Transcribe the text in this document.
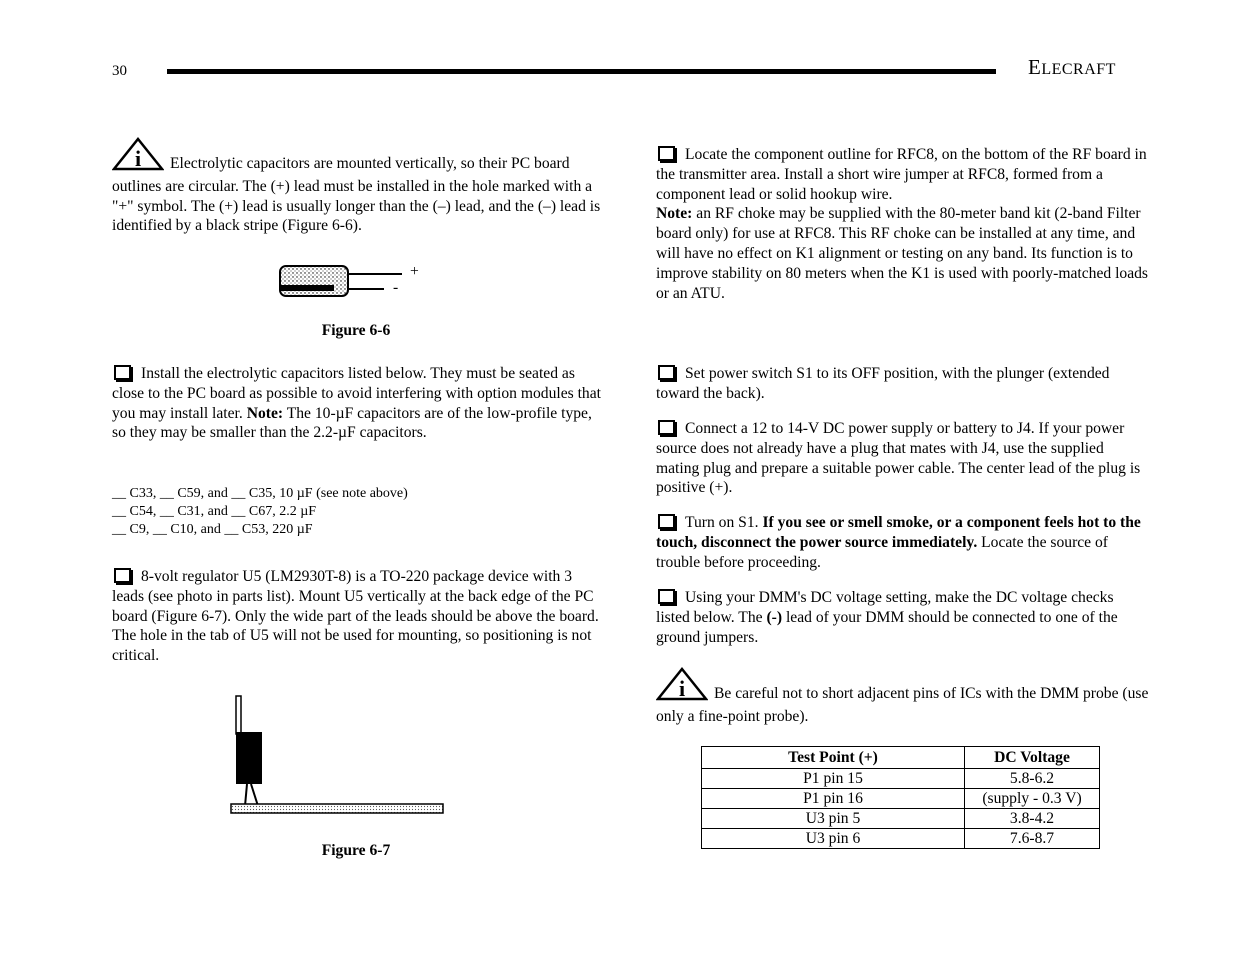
30	ELECRAFT

i Electrolytic capacitors are mounted vertically, so their PC board outlines are circular. The (+) lead must be installed in the hole marked with a "+" symbol. The (+) lead is usually longer than the (–) lead, and the (–) lead is identified by a black stripe (Figure 6-6).

+
-
Figure 6-6

Install the electrolytic capacitors listed below. They must be seated as close to the PC board as possible to avoid interfering with option modules that you may install later. Note: The 10-µF capacitors are of the low-profile type, so they may be smaller than the 2.2-µF capacitors.

__ C33, __ C59, and __ C35, 10 µF (see note above)
__ C54, __ C31, and __ C67, 2.2 µF
__ C9, __ C10, and __ C53, 220 µF

8-volt regulator U5 (LM2930T-8) is a TO-220 package device with 3 leads (see photo in parts list). Mount U5 vertically at the back edge of the PC board (Figure 6-7). Only the wide part of the leads should be above the board. The hole in the tab of U5 will not be used for mounting, so positioning is not critical.

Figure 6-7

Locate the component outline for RFC8, on the bottom of the RF board in the transmitter area. Install a short wire jumper at RFC8, formed from a component lead or solid hookup wire.
Note: an RF choke may be supplied with the 80-meter band kit (2-band Filter board only) for use at RFC8. This RF choke can be installed at any time, and will have no effect on K1 alignment or testing on any band. Its function is to improve stability on 80 meters when the K1 is used with poorly-matched loads or an ATU.

Set power switch S1 to its OFF position, with the plunger (extended toward the back).

Connect a 12 to 14-V DC power supply or battery to J4. If your power source does not already have a plug that mates with J4, use the supplied mating plug and prepare a suitable power cable. The center lead of the plug is positive (+).

Turn on S1. If you see or smell smoke, or a component feels hot to the touch, disconnect the power source immediately. Locate the source of trouble before proceeding.

Using your DMM's DC voltage setting, make the DC voltage checks listed below. The (-) lead of your DMM should be connected to one of the ground jumpers.

i Be careful not to short adjacent pins of ICs with the DMM probe (use only a fine-point probe).

Test Point (+)	DC Voltage
P1 pin 15	5.8-6.2
P1 pin 16	(supply - 0.3 V)
U3 pin 5	3.8-4.2
U3 pin 6	7.6-8.7
